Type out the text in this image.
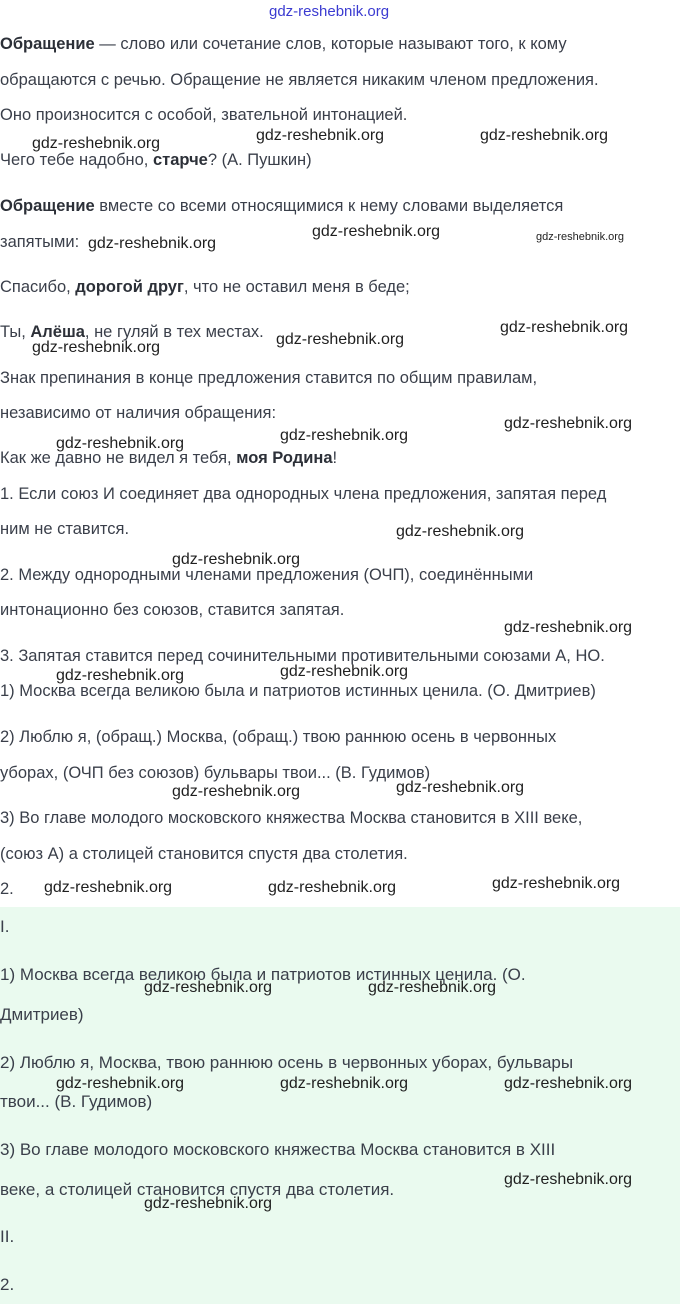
gdz-reshebnik.org
Обращение — слово или сочетание слов, которые называют того, к кому
обращаются с речью. Обращение не является никаким членом предложения.
Оно произносится с особой, звательной интонацией.
Чего тебе надобно, старче? (А. Пушкин)
Обращение вместе со всеми относящимися к нему словами выделяется
запятыми:
Спасибо, дорогой друг, что не оставил меня в беде;
Ты, Алёша, не гуляй в тех местах.
Знак препинания в конце предложения ставится по общим правилам,
независимо от наличия обращения:
Как же давно не видел я тебя, моя Родина!
1. Если союз И соединяет два однородных члена предложения, запятая перед
ним не ставится.
2. Между однородными членами предложения (ОЧП), соединёнными
интонационно без союзов, ставится запятая.
3. Запятая ставится перед сочинительными противительными союзами А, НО.
1) Москва всегда великою была и патриотов истинных ценила. (О. Дмитриев)
2) Люблю я, (обращ.) Москва, (обращ.) твою раннюю осень в червонных
уборах, (ОЧП без союзов) бульвары твои... (В. Гудимов)
3) Во главе молодого московского княжества Москва становится в XIII веке,
(союз А) а столицей становится спустя два столетия.
2.
I.
1) Москва всегда великою была и патриотов истинных ценила. (О.
Дмитриев)
2) Люблю я, Москва, твою раннюю осень в червонных уборах, бульвары
твои... (В. Гудимов)
3) Во главе молодого московского княжества Москва становится в XIII
веке, а столицей становится спустя два столетия.
II.
2.
gdz-reshebnik.org	gdz-reshebnik.org	gdz-reshebnik.org
gdz-reshebnik.org
gdz-reshebnik.org	gdz-reshebnik.org
gdz-reshebnik.org
gdz-reshebnik.org
gdz-reshebnik.org
gdz-reshebnik.org	gdz-reshebnik.org
gdz-reshebnik.org
gdz-reshebnik.org
gdz-reshebnik.org
gdz-reshebnik.org
gdz-reshebnik.org
gdz-reshebnik.org
gdz-reshebnik.org
gdz-reshebnik.org
gdz-reshebnik.org	gdz-reshebnik.org	gdz-reshebnik.org
gdz-reshebnik.org	gdz-reshebnik.org
gdz-reshebnik.org	gdz-reshebnik.org	gdz-reshebnik.org
gdz-reshebnik.org
gdz-reshebnik.org
